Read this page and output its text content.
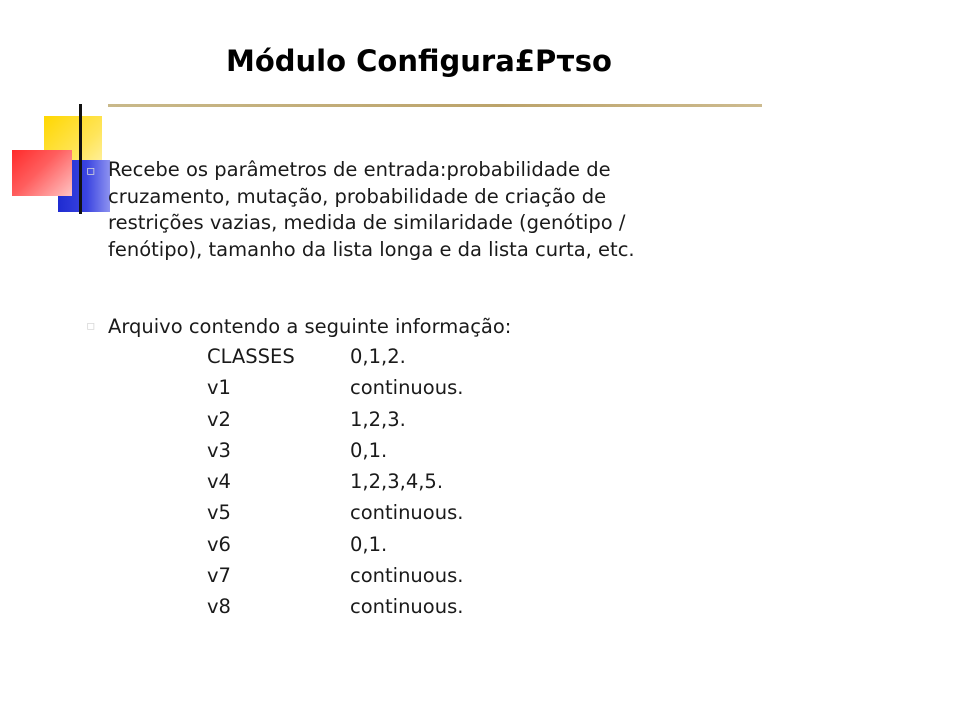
Módulo Configura£Pτso
▫ Recebe os parâmetros de entrada:probabilidade de
cruzamento, mutação, probabilidade de criação de
restrições vazias, medida de similaridade (genótipo /
fenótipo), tamanho da lista longa e da lista curta, etc.
▫ Arquivo contendo a seguinte informação:
CLASSES	0,1,2.
v1	continuous.
v2	1,2,3.
v3	0,1.
v4	1,2,3,4,5.
v5	continuous.
v6	0,1.
v7	continuous.
v8	continuous.
